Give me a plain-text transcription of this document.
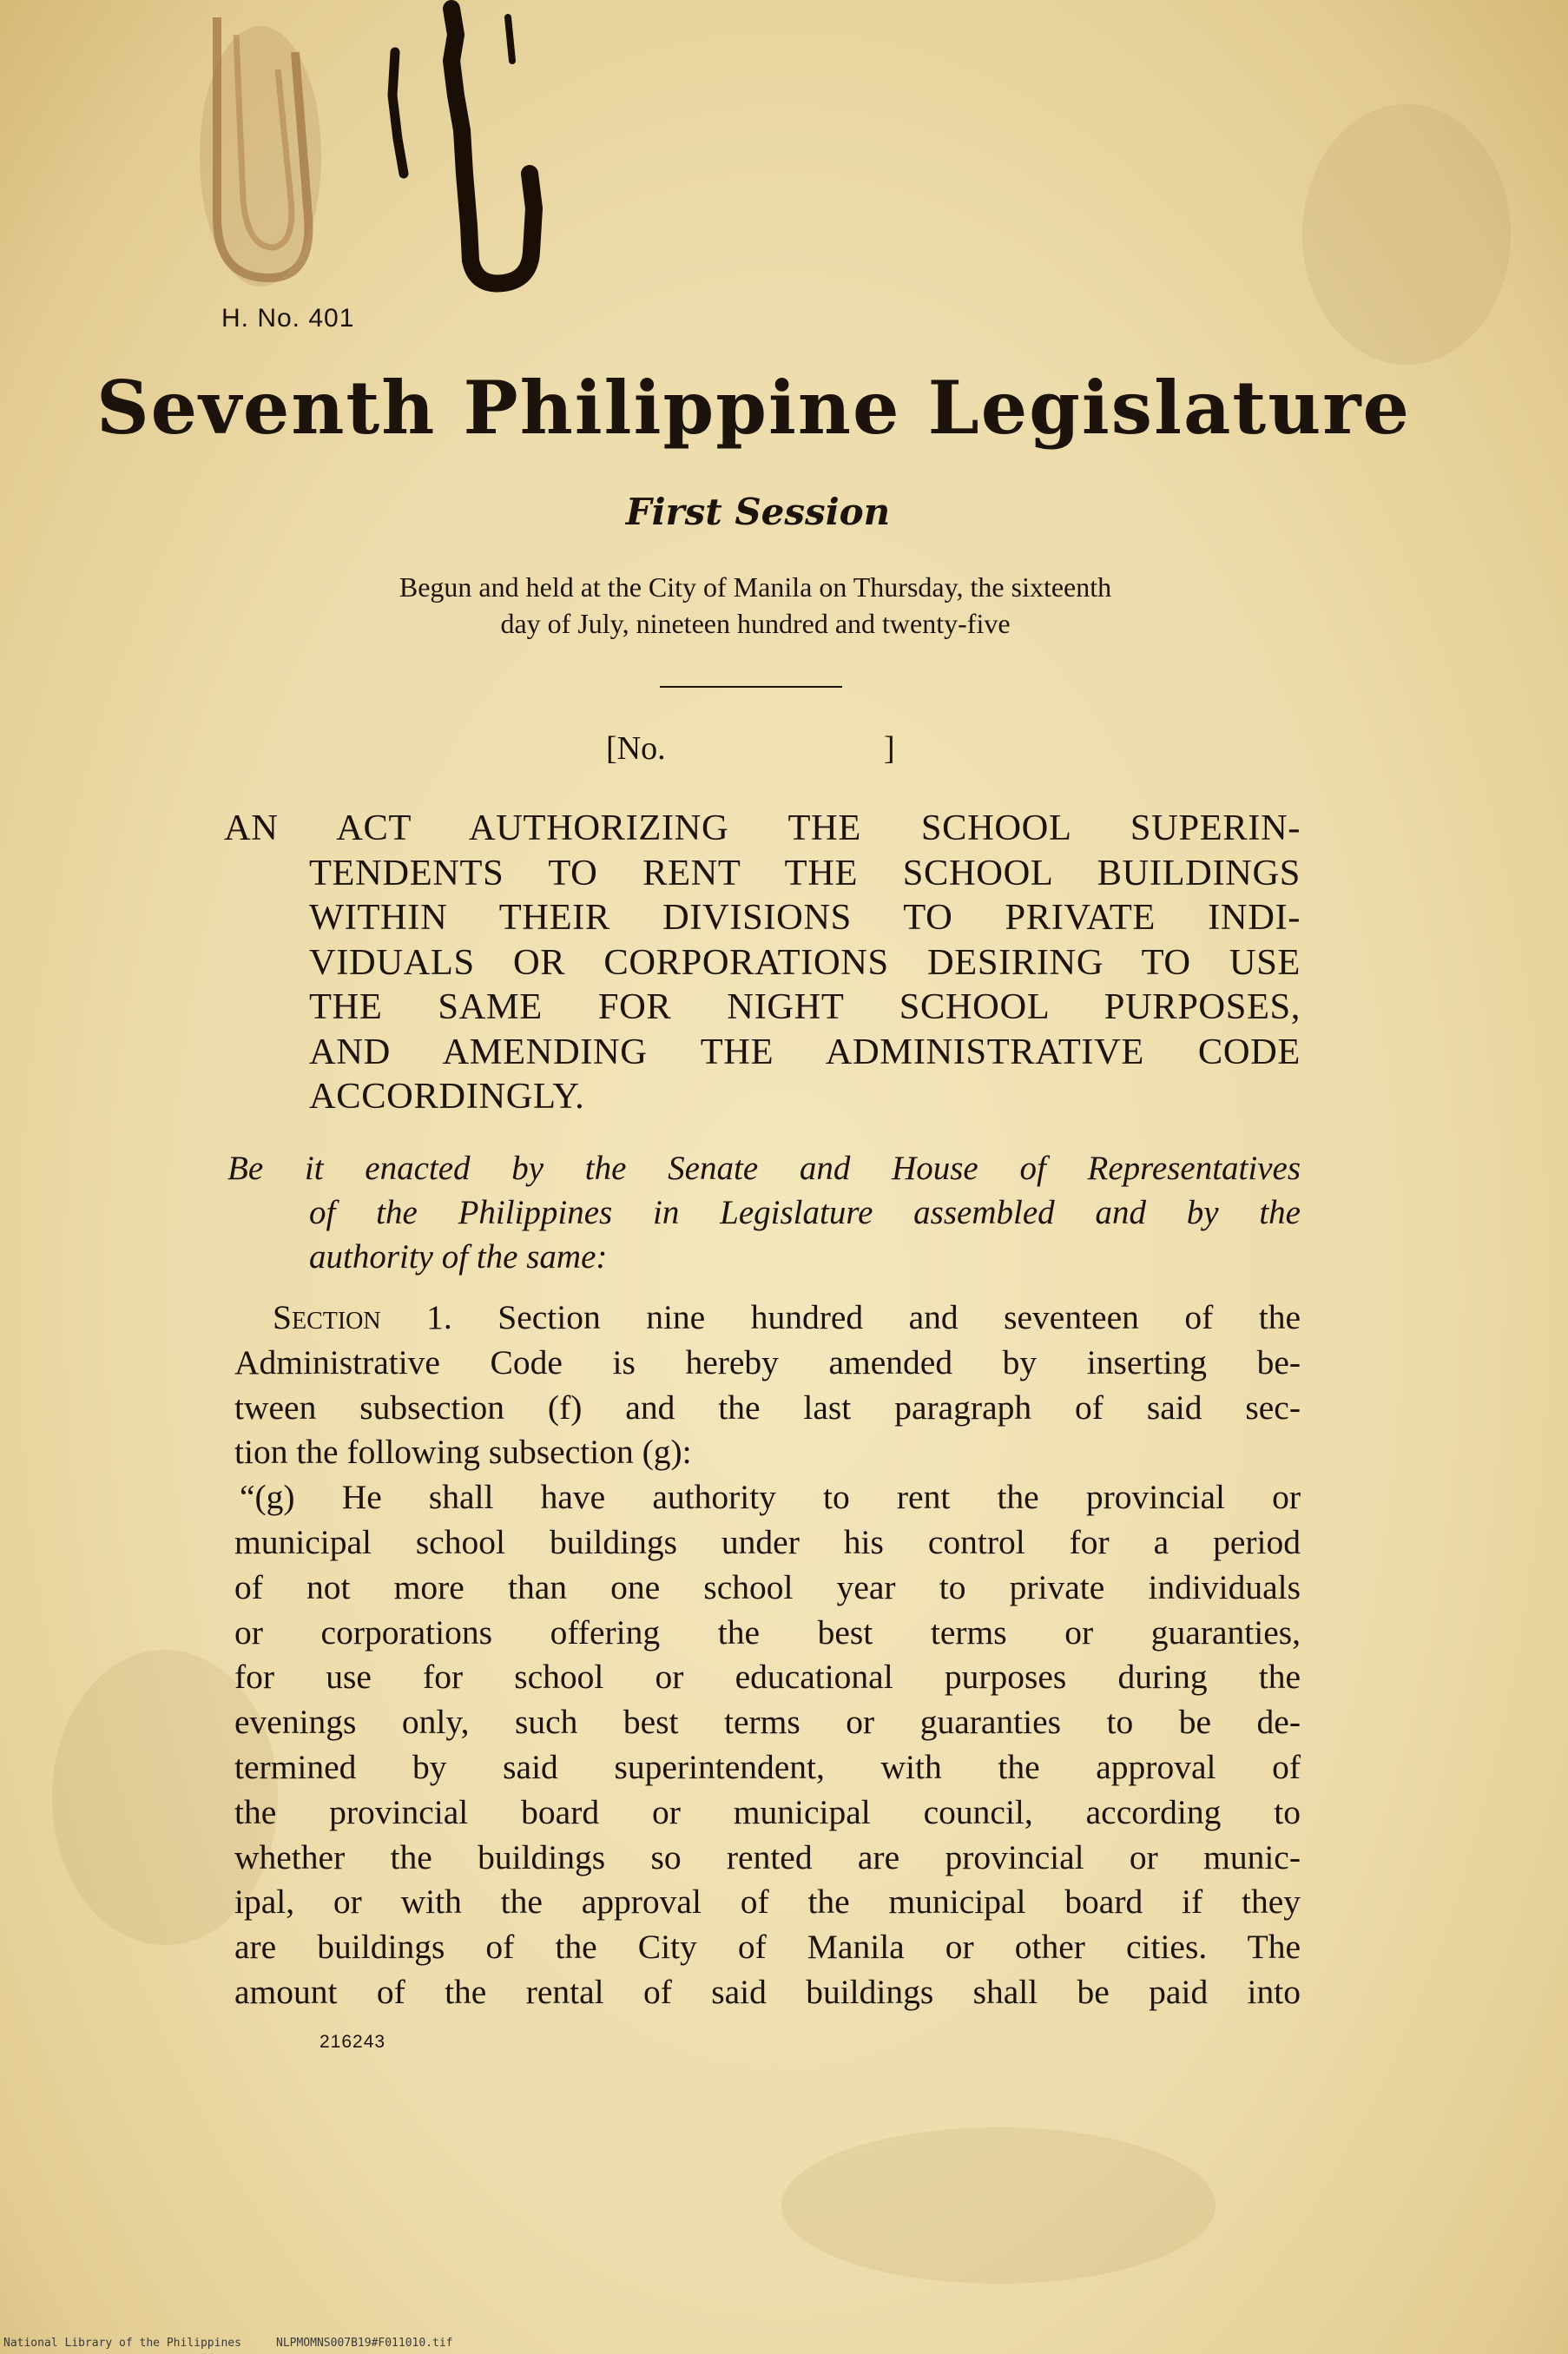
H. No. 401
Seventh Philippine Legislature
First Session
Begun and held at the City of Manila on Thursday, the sixteenth
day of July, nineteen hundred and twenty-five
[No.	]
AN ACT AUTHORIZING THE SCHOOL SUPERIN-
TENDENTS TO RENT THE SCHOOL BUILDINGS
WITHIN THEIR DIVISIONS TO PRIVATE INDI-
VIDUALS OR CORPORATIONS DESIRING TO USE
THE SAME FOR NIGHT SCHOOL PURPOSES,
AND AMENDING THE ADMINISTRATIVE CODE
ACCORDINGLY.
Be it enacted by the Senate and House of Representatives
of the Philippines in Legislature assembled and by the
authority of the same:
Section 1. Section nine hundred and seventeen of the
Administrative Code is hereby amended by inserting be-
tween subsection (f) and the last paragraph of said sec-
tion the following subsection (g):
“(g) He shall have authority to rent the provincial or
municipal school buildings under his control for a period
of not more than one school year to private individuals
or corporations offering the best terms or guaranties,
for use for school or educational purposes during the
evenings only, such best terms or guaranties to be de-
termined by said superintendent, with the approval of
the provincial board or municipal council, according to
whether the buildings so rented are provincial or munic-
ipal, or with the approval of the municipal board if they
are buildings of the City of Manila or other cities. The
amount of the rental of said buildings shall be paid into
216243
National Library of the Philippines	NLPMOMNS007B19#F011010.tif
